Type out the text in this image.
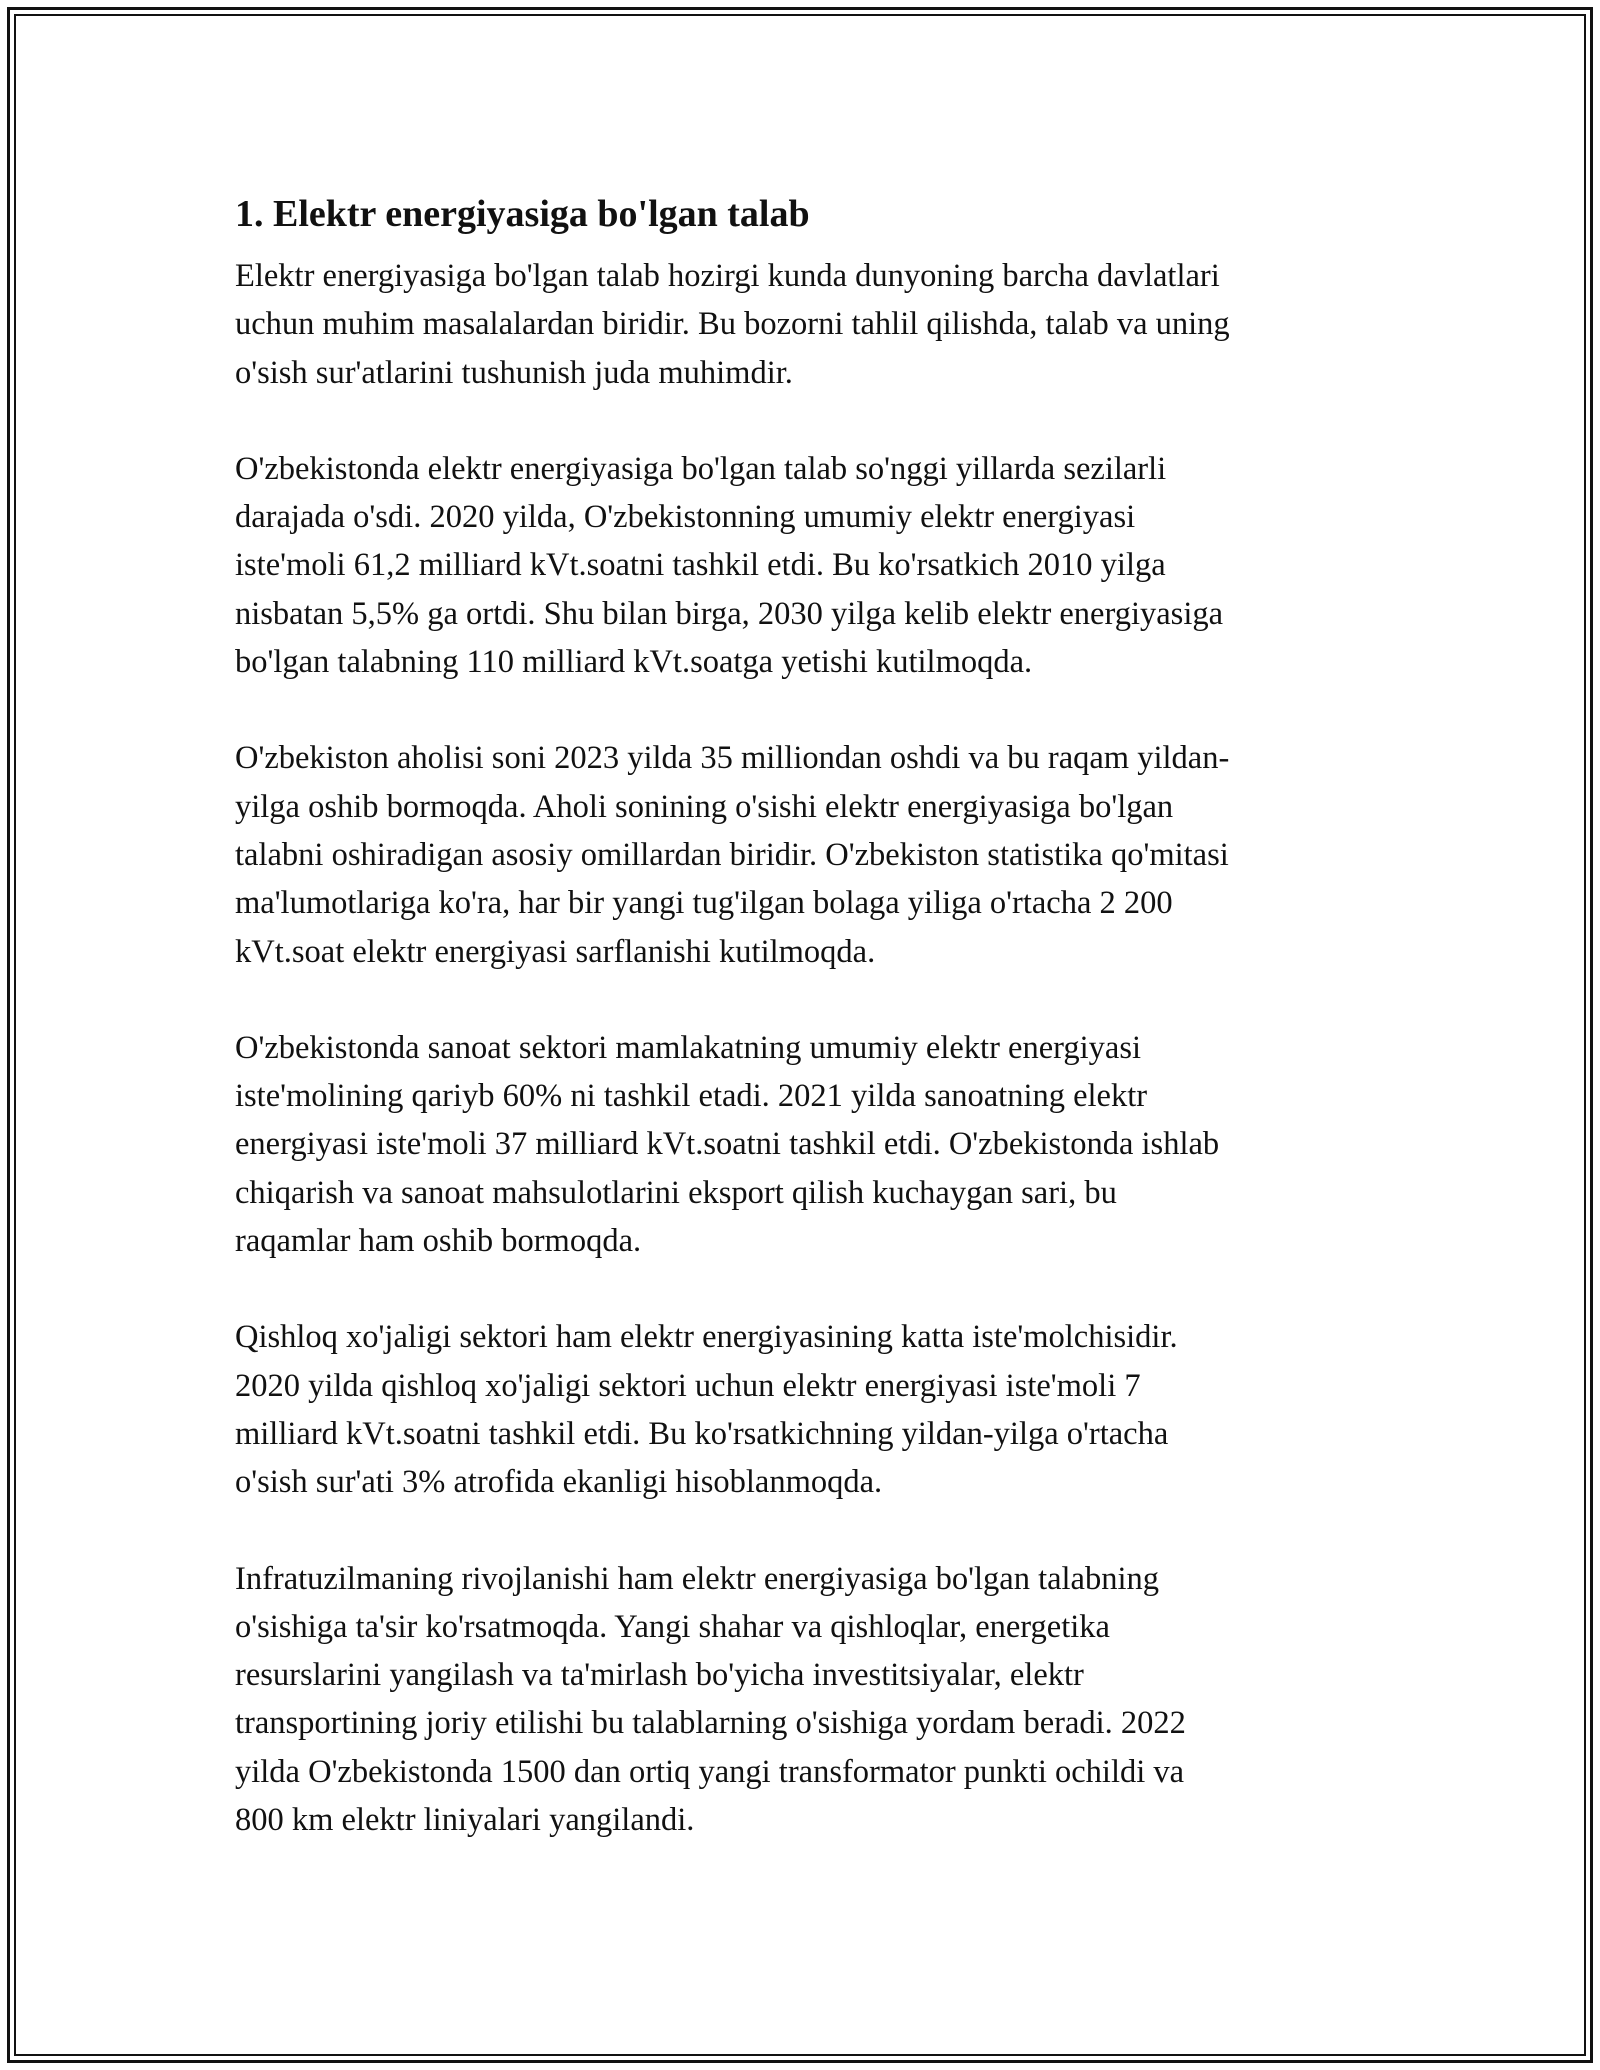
1. Elektr energiyasiga bo'lgan talab

Elektr energiyasiga bo'lgan talab hozirgi kunda dunyoning barcha davlatlari
uchun muhim masalalardan biridir. Bu bozorni tahlil qilishda, talab va uning
o'sish sur'atlarini tushunish juda muhimdir.

O'zbekistonda elektr energiyasiga bo'lgan talab so'nggi yillarda sezilarli
darajada o'sdi. 2020 yilda, O'zbekistonning umumiy elektr energiyasi
iste'moli 61,2 milliard kVt.soatni tashkil etdi. Bu ko'rsatkich 2010 yilga
nisbatan 5,5% ga ortdi. Shu bilan birga, 2030 yilga kelib elektr energiyasiga
bo'lgan talabning 110 milliard kVt.soatga yetishi kutilmoqda.

O'zbekiston aholisi soni 2023 yilda 35 milliondan oshdi va bu raqam yildan-
yilga oshib bormoqda. Aholi sonining o'sishi elektr energiyasiga bo'lgan
talabni oshiradigan asosiy omillardan biridir. O'zbekiston statistika qo'mitasi
ma'lumotlariga ko'ra, har bir yangi tug'ilgan bolaga yiliga o'rtacha 2 200
kVt.soat elektr energiyasi sarflanishi kutilmoqda.

O'zbekistonda sanoat sektori mamlakatning umumiy elektr energiyasi
iste'molining qariyb 60% ni tashkil etadi. 2021 yilda sanoatning elektr
energiyasi iste'moli 37 milliard kVt.soatni tashkil etdi. O'zbekistonda ishlab
chiqarish va sanoat mahsulotlarini eksport qilish kuchaygan sari, bu
raqamlar ham oshib bormoqda.

Qishloq xo'jaligi sektori ham elektr energiyasining katta iste'molchisidir.
2020 yilda qishloq xo'jaligi sektori uchun elektr energiyasi iste'moli 7
milliard kVt.soatni tashkil etdi. Bu ko'rsatkichning yildan-yilga o'rtacha
o'sish sur'ati 3% atrofida ekanligi hisoblanmoqda.

Infratuzilmaning rivojlanishi ham elektr energiyasiga bo'lgan talabning
o'sishiga ta'sir ko'rsatmoqda. Yangi shahar va qishloqlar, energetika
resurslarini yangilash va ta'mirlash bo'yicha investitsiyalar, elektr
transportining joriy etilishi bu talablarning o'sishiga yordam beradi. 2022
yilda O'zbekistonda 1500 dan ortiq yangi transformator punkti ochildi va
800 km elektr liniyalari yangilandi.
